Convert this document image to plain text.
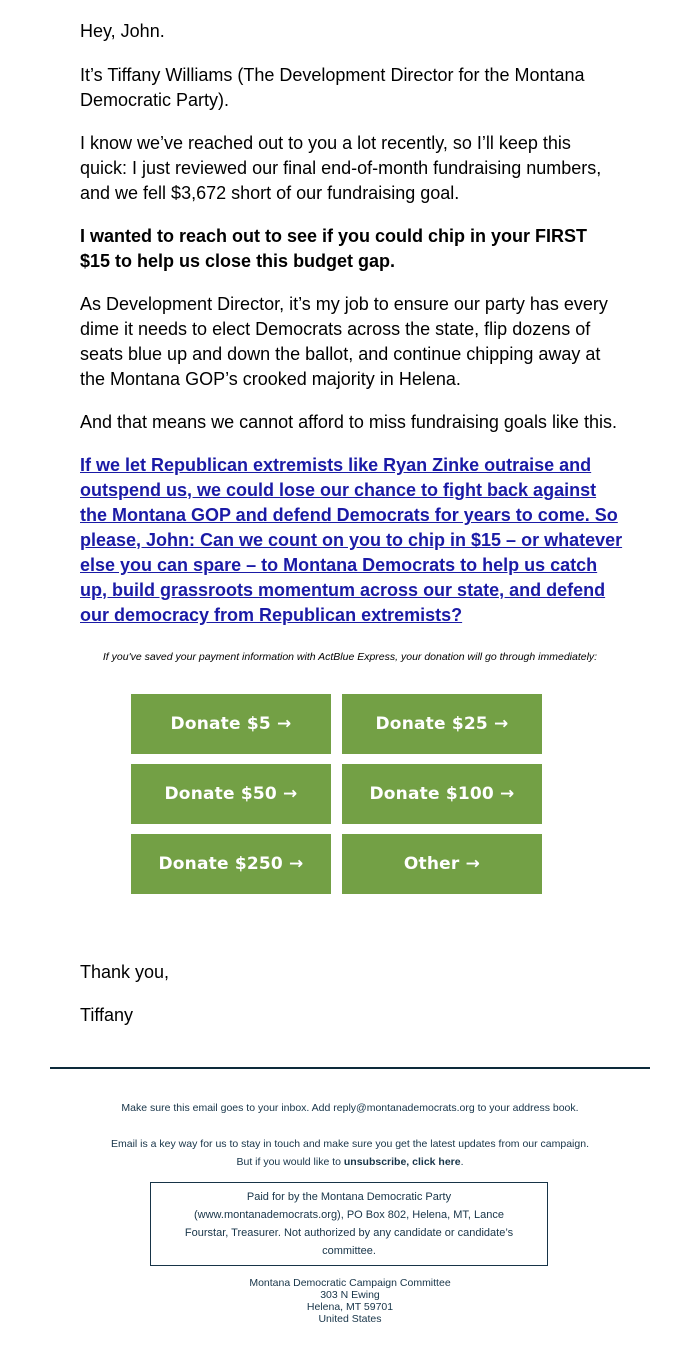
Hey, John.

It’s Tiffany Williams (The Development Director for the Montana Democratic Party).

I know we’ve reached out to you a lot recently, so I’ll keep this quick: I just reviewed our final end-of-month fundraising numbers, and we fell $3,672 short of our fundraising goal.

I wanted to reach out to see if you could chip in your FIRST $15 to help us close this budget gap.

As Development Director, it’s my job to ensure our party has every dime it needs to elect Democrats across the state, flip dozens of seats blue up and down the ballot, and continue chipping away at the Montana GOP’s crooked majority in Helena.

And that means we cannot afford to miss fundraising goals like this.

If we let Republican extremists like Ryan Zinke outraise and outspend us, we could lose our chance to fight back against the Montana GOP and defend Democrats for years to come. So please, John: Can we count on you to chip in $15 – or whatever else you can spare – to Montana Democrats to help us catch up, build grassroots momentum across our state, and defend our democracy from Republican extremists?

If you've saved your payment information with ActBlue Express, your donation will go through immediately:
Donate $5 →	Donate $25 →
Donate $50 →	Donate $100 →
Donate $250 →	Other →

Thank you,

Tiffany

Make sure this email goes to your inbox. Add reply@montanademocrats.org to your address book.
Email is a key way for us to stay in touch and make sure you get the latest updates from our campaign.
But if you would like to unsubscribe, click here.
Paid for by the Montana Democratic Party (www.montanademocrats.org), PO Box 802, Helena, MT, Lance Fourstar, Treasurer. Not authorized by any candidate or candidate’s committee.
Montana Democratic Campaign Committee
303 N Ewing
Helena, MT 59701
United States
